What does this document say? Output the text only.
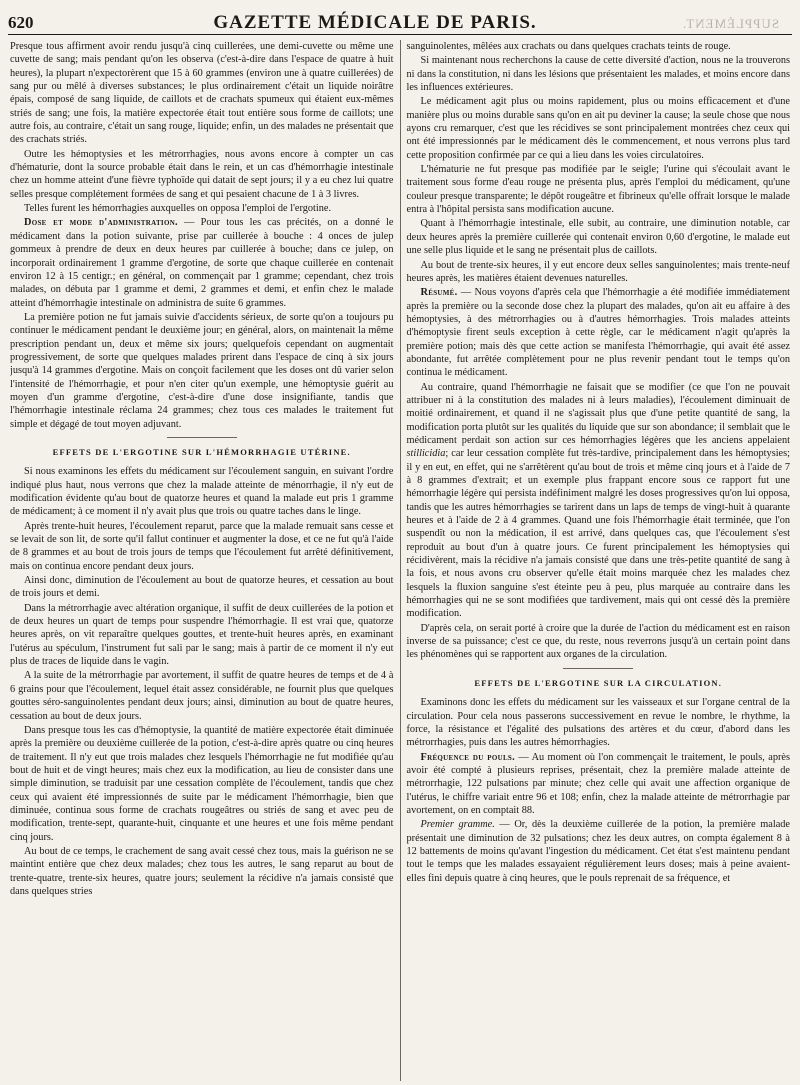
620	GAZETTE MÉDICALE DE PARIS.	SUPPLÉMENT.

Presque tous affirment avoir rendu jusqu'à cinq cuillerées, une demi-cuvette ou même une cuvette de sang; mais pendant qu'on les observa (c'est-à-dire dans l'espace de quatre à huit heures), la plupart n'expectorèrent que 15 à 60 grammes (environ une à quatre cuillerées) de sang pur ou mêlé à diverses substances; le plus ordinairement c'était un liquide noirâtre épais, composé de sang liquide, de caillots et de crachats spumeux qui étaient eux-mêmes striés de sang; une fois, la matière expectorée était tout entière sous forme de caillots; une autre fois, au contraire, c'était un sang rouge, liquide; enfin, un des malades ne présentait que des crachats striés.

Outre les hémoptysies et les métrorrhagies, nous avons encore à compter un cas d'hématurie, dont la source probable était dans le rein, et un cas d'hémorrhagie intestinale chez un homme atteint d'une fièvre typhoïde qui datait de sept jours; il y a eu chez lui quatre selles presque complétement formées de sang et qui pesaient chacune de 1 à 3 livres.

Telles furent les hémorrhagies auxquelles on opposa l'emploi de l'ergotine.

Dose et mode d'administration. — Pour tous les cas précités, on a donné le médicament dans la potion suivante, prise par cuillerée à bouche : 4 onces de julep gommeux à prendre de deux en deux heures par cuillerée à bouche; dans ce julep, on incorporait ordinairement 1 gramme d'ergotine, de sorte que chaque cuillerée en contenait environ 12 à 15 centigr.; en général, on commençait par 1 gramme; cependant, chez trois malades, on débuta par 1 gramme et demi, 2 grammes et demi, et enfin chez le malade atteint d'hémorrhagie intestinale on administra de suite 6 grammes.

La première potion ne fut jamais suivie d'accidents sérieux, de sorte qu'on a toujours pu continuer le médicament pendant le deuxième jour; en général, alors, on maintenait la même prescription pendant un, deux et même six jours; quelquefois cependant on augmentait progressivement, de sorte que quelques malades prirent dans l'espace de cinq à six jours jusqu'à 14 grammes d'ergotine. Mais on conçoit facilement que les doses ont dû varier selon l'intensité de l'hémorrhagie, et pour n'en citer qu'un exemple, une hémoptysie guérit au moyen d'un gramme d'ergotine, c'est-à-dire d'une dose insignifiante, tandis que l'hémorrhagie intestinale réclama 24 grammes; chez tous ces malades le traitement fut simple et dégagé de tout moyen adjuvant.

EFFETS DE L'ERGOTINE SUR L'HÉMORRHAGIE UTÉRINE.

Si nous examinons les effets du médicament sur l'écoulement sanguin, en suivant l'ordre indiqué plus haut, nous verrons que chez la malade atteinte de ménorrhagie, il n'y eut de modification évidente qu'au bout de quatorze heures et quand la malade eut pris 1 gramme de médicament; à ce moment il n'y avait plus que trois ou quatre taches dans le linge.

Après trente-huit heures, l'écoulement reparut, parce que la malade remuait sans cesse et se levait de son lit, de sorte qu'il fallut continuer et augmenter la dose, et ce ne fut qu'à l'aide de 8 grammes et au bout de trois jours de temps que l'écoulement fut arrêté définitivement, mais on continua encore pendant deux jours.

Ainsi donc, diminution de l'écoulement au bout de quatorze heures, et cessation au bout de trois jours et demi.

Dans la métrorrhagie avec altération organique, il suffit de deux cuillerées de la potion et de deux heures un quart de temps pour suspendre l'hémorrhagie. Il est vrai que, quatorze heures après, on vit reparaître quelques gouttes, et trente-huit heures après, en examinant l'utérus au spéculum, l'instrument fut sali par le sang; mais à partir de ce moment il n'y eut plus de traces de liquide dans le vagin.

A la suite de la métrorrhagie par avortement, il suffit de quatre heures de temps et de 4 à 6 grains pour que l'écoulement, lequel était assez considérable, ne fournit plus que quelques gouttes séro-sanguinolentes pendant deux jours; ainsi, diminution au bout de quatre heures, cessation au bout de deux jours.

Dans presque tous les cas d'hémoptysie, la quantité de matière expectorée était diminuée après la première ou deuxième cuillerée de la potion, c'est-à-dire après quatre ou cinq heures de traitement. Il n'y eut que trois malades chez lesquels l'hémorrhagie ne fut modifiée qu'au bout de huit et de vingt heures; mais chez eux la modification, au lieu de consister dans une simple diminution, se traduisit par une cessation complète de l'écoulement, tandis que chez ceux qui avaient été impressionnés de suite par le médicament l'hémorrhagie, bien que diminuée, continua sous forme de crachats rougeâtres ou striés de sang et avec peu de modification, trente-sept, quarante-huit, cinquante et une heures et une fois même pendant cinq jours.

Au bout de ce temps, le crachement de sang avait cessé chez tous, mais la guérison ne se maintint entière que chez deux malades; chez tous les autres, le sang reparut au bout de trente-quatre, trente-six heures, quatre jours; seulement la récidive n'a jamais consisté que dans quelques stries

sanguinolentes, mêlées aux crachats ou dans quelques crachats teints de rouge.

Si maintenant nous recherchons la cause de cette diversité d'action, nous ne la trouverons ni dans la constitution, ni dans les lésions que présentaient les malades, et moins encore dans les influences extérieures.

Le médicament agit plus ou moins rapidement, plus ou moins efficacement et d'une manière plus ou moins durable sans qu'on en ait pu deviner la cause; la seule chose que nous ayons cru remarquer, c'est que les récidives se sont principalement montrées chez ceux qui ont été impressionnés par le médicament dès le commencement, et nous verrons plus tard cette proposition confirmée par ce qui a lieu dans les voies circulatoires.

L'hématurie ne fut presque pas modifiée par le seigle; l'urine qui s'écoulait avant le traitement sous forme d'eau rouge ne présenta plus, après l'emploi du médicament, qu'une couleur presque transparente; le dépôt rougeâtre et fibrineux qu'elle offrait lorsque le malade entra à l'hôpital persista sans modification aucune.

Quant à l'hémorrhagie intestinale, elle subit, au contraire, une diminution notable, car deux heures après la première cuillerée qui contenait environ 0,60 d'ergotine, le malade eut une selle plus liquide et le sang ne présentait plus de caillots.

Au bout de trente-six heures, il y eut encore deux selles sanguinolentes; mais trente-neuf heures après, les matières étaient devenues naturelles.

Résumé. — Nous voyons d'après cela que l'hémorrhagie a été modifiée immédiatement après la première ou la seconde dose chez la plupart des malades, qu'on ait eu affaire à des hémoptysies, à des métrorrhagies ou à d'autres hémorrhagies. Trois malades atteints d'hémoptysie firent seuls exception à cette règle, car le médicament n'agit qu'après la première potion; mais dès que cette action se manifesta l'hémorrhagie, qui avait été assez abondante, fut arrêtée complètement pour ne plus revenir pendant tout le temps qu'on continua le médicament.

Au contraire, quand l'hémorrhagie ne faisait que se modifier (ce que l'on ne pouvait attribuer ni à la constitution des malades ni à leurs maladies), l'écoulement diminuait de moitié ordinairement, et quand il ne s'agissait plus que d'une petite quantité de sang, la modification porta plutôt sur les qualités du liquide que sur son abondance; il semblait que le médicament perdait son action sur ces hémorrhagies légères que les anciens appelaient stillicidia; car leur cessation complète fut très-tardive, principalement dans les hémoptysies; il y en eut, en effet, qui ne s'arrêtèrent qu'au bout de trois et même cinq jours et à l'aide de 7 à 8 grammes d'extrait; et un exemple plus frappant encore sous ce rapport fut une hémorrhagie légère qui persista indéfiniment malgré les doses progressives qu'on lui opposa, tandis que les autres hémorrhagies se tarirent dans un laps de temps de vingt-huit à quarante heures et à l'aide de 2 à 4 grammes. Quand une fois l'hémorrhagie était terminée, que l'on suspendît ou non la médication, il est arrivé, dans quelques cas, que l'écoulement s'est reproduit au bout d'un à quatre jours. Ce furent principalement les hémoptysies qui récidivèrent, mais la récidive n'a jamais consisté que dans une très-petite quantité de sang à la fois, et nous avons cru observer qu'elle était moins marquée chez les malades chez lesquels la fluxion sanguine s'est éteinte peu à peu, plus marquée au contraire dans les hémorrhagies qui ne se sont modifiées que tardivement, mais qui ont cessé dès la première modification.

D'après cela, on serait porté à croire que la durée de l'action du médicament est en raison inverse de sa puissance; c'est ce que, du reste, nous reverrons jusqu'à un certain point dans les phénomènes qui se rapportent aux organes de la circulation.

EFFETS DE L'ERGOTINE SUR LA CIRCULATION.

Examinons donc les effets du médicament sur les vaisseaux et sur l'organe central de la circulation. Pour cela nous passerons successivement en revue le nombre, le rhythme, la force, la résistance et l'égalité des pulsations des artères et du cœur, d'abord dans les métrorrhagies, puis dans les autres hémorrhagies.

Fréquence du pouls. — Au moment où l'on commençait le traitement, le pouls, après avoir été compté à plusieurs reprises, présentait, chez la première malade atteinte de métrorrhagie, 122 pulsations par minute; chez celle qui avait une affection organique de l'utérus, le chiffre variait entre 96 et 108; enfin, chez la malade atteinte de métrorrhagie par avortement, on en comptait 88.

Premier gramme. — Or, dès la deuxième cuillerée de la potion, la première malade présentait une diminution de 32 pulsations; chez les deux autres, on compta également 8 à 12 battements de moins qu'avant l'ingestion du médicament. Cet état s'est maintenu pendant tout le temps que les malades essayaient régulièrement leurs doses; mais à peine avaient-elles fini depuis quatre à cinq heures, que le pouls reprenait de sa fréquence, et
